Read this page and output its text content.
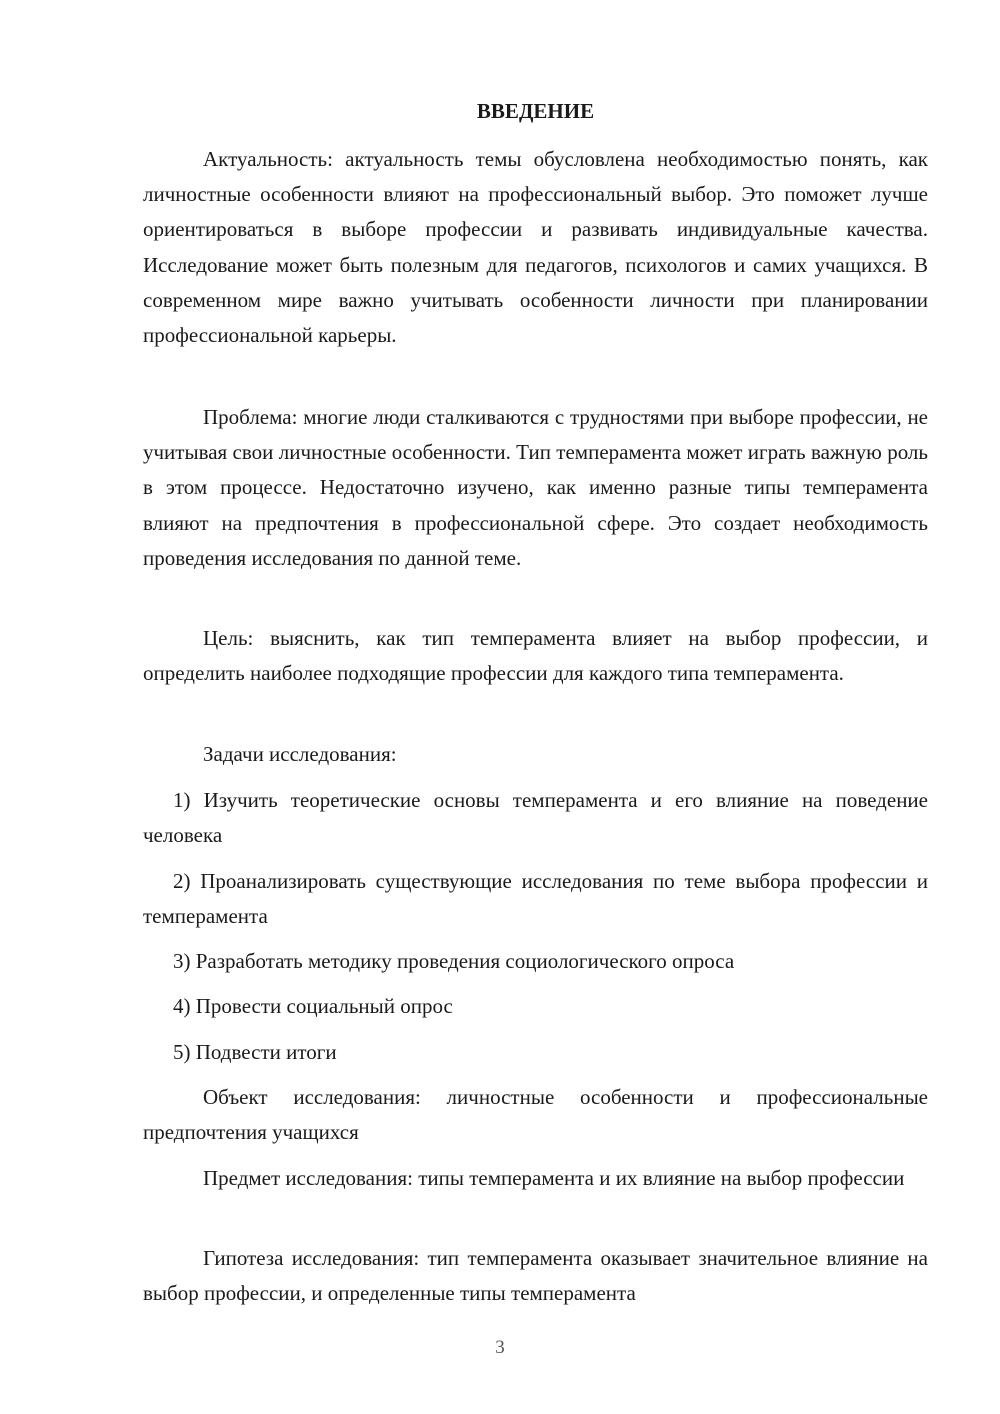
ВВЕДЕНИЕ

Актуальность: актуальность темы обусловлена необходимостью понять, как личностные особенности влияют на профессиональный выбор. Это поможет лучше ориентироваться в выборе профессии и развивать индивидуальные качества. Исследование может быть полезным для педагогов, психологов и самих учащихся. В современном мире важно учитывать особенности личности при планировании профессиональной карьеры.

Проблема: многие люди сталкиваются с трудностями при выборе профессии, не учитывая свои личностные особенности. Тип темперамента может играть важную роль в этом процессе. Недостаточно изучено, как именно разные типы темперамента влияют на предпочтения в профессиональной сфере. Это создает необходимость проведения исследования по данной теме.

Цель: выяснить, как тип темперамента влияет на выбор профессии, и определить наиболее подходящие профессии для каждого типа темперамента.

Задачи исследования:

1) Изучить теоретические основы темперамента и его влияние на поведение человека

2) Проанализировать существующие исследования по теме выбора профессии и темперамента

3) Разработать методику проведения социологического опроса

4) Провести социальный опрос

5) Подвести итоги

Объект исследования: личностные особенности и профессиональные предпочтения учащихся

Предмет исследования: типы темперамента и их влияние на выбор профессии

Гипотеза исследования: тип темперамента оказывает значительное влияние на выбор профессии, и определенные типы темперамента

3
